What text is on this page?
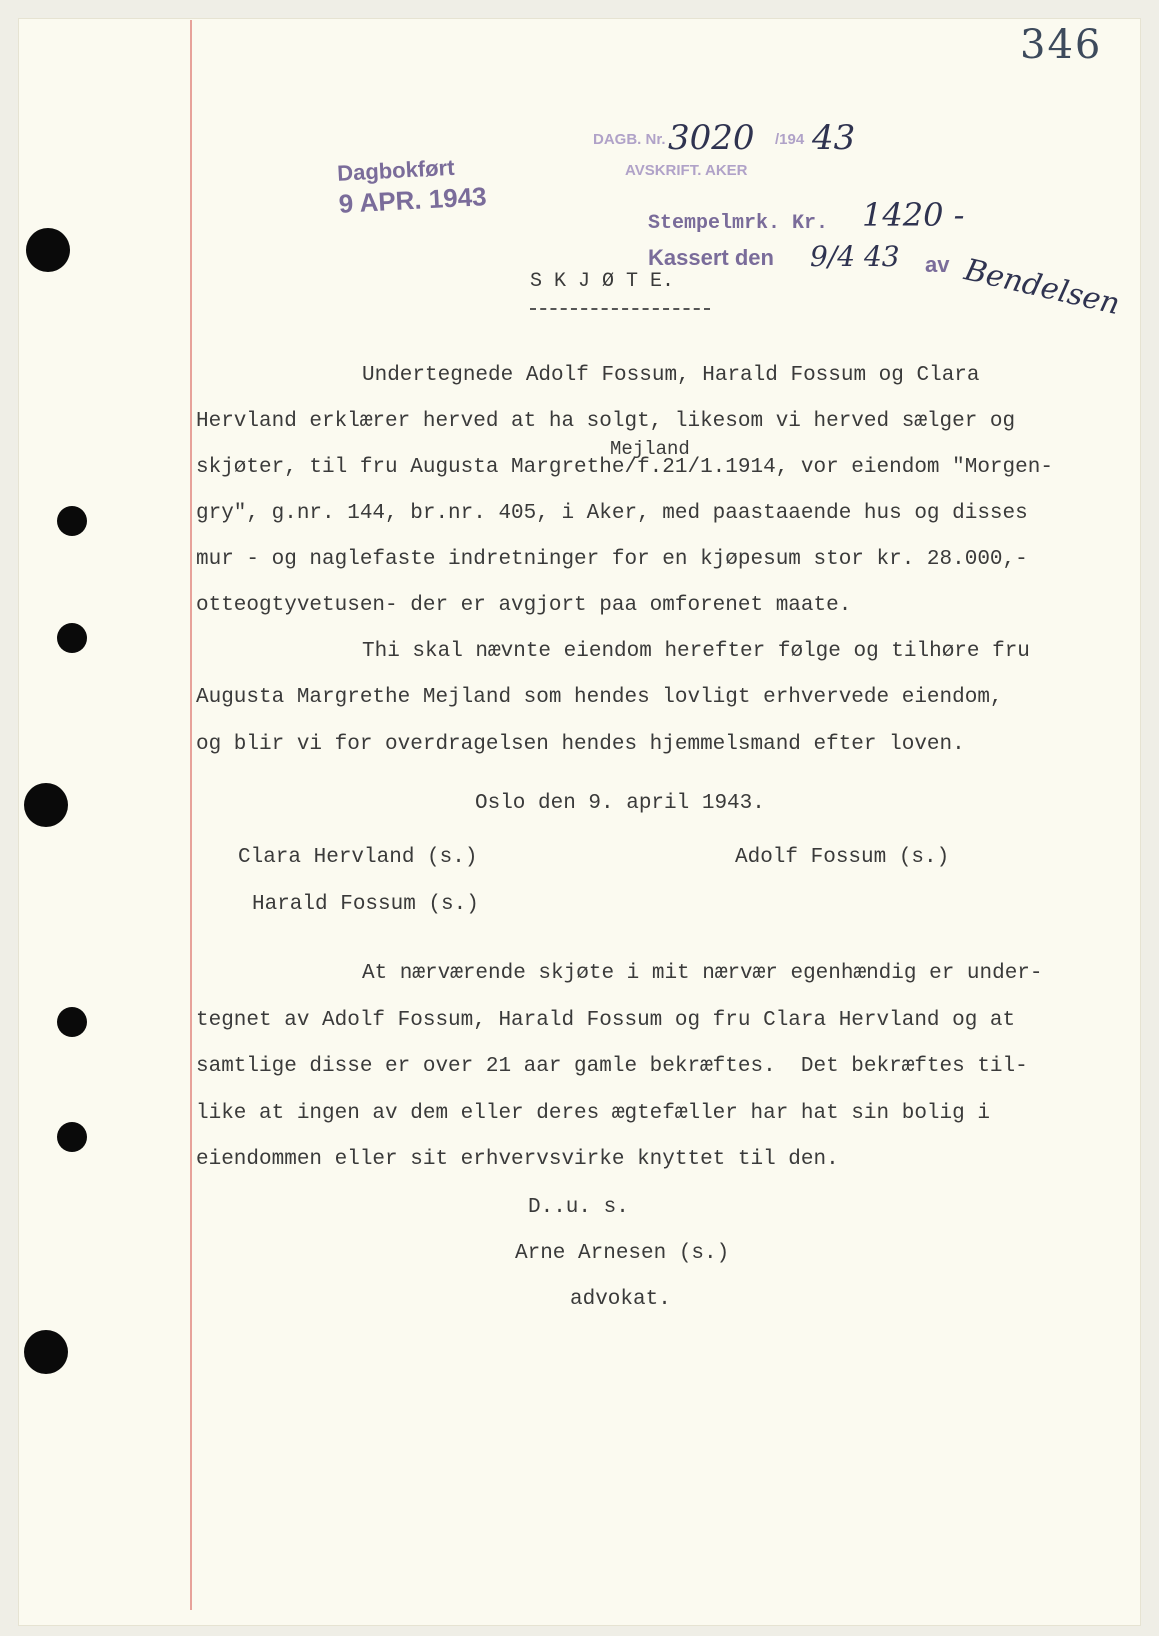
346
Dagbokført
9 APR. 1943
DAGB. Nr. 3020 /194 43
AVSKRIFT. AKER
Stempelmrk. Kr. 1420 -
Kassert den 9/4 43 av Bendelsen
S K J Ø T E.
Undertegnede Adolf Fossum, Harald Fossum og Clara
Hervland erklærer herved at ha solgt, likesom vi herved sælger og
Mejland
skjøter, til fru Augusta Margrethe/f.21/1.1914, vor eiendom "Morgen-
gry", g.nr. 144, br.nr. 405, i Aker, med paastaaende hus og disses
mur - og naglefaste indretninger for en kjøpesum stor kr. 28.000,-
otteogtyvetusen- der er avgjort paa omforenet maate.
Thi skal nævnte eiendom herefter følge og tilhøre fru
Augusta Margrethe Mejland som hendes lovligt erhvervede eiendom,
og blir vi for overdragelsen hendes hjemmelsmand efter loven.
Oslo den 9. april 1943.
Clara Hervland (s.)	Adolf Fossum (s.)
Harald Fossum (s.)
At nærværende skjøte i mit nærvær egenhændig er under-
tegnet av Adolf Fossum, Harald Fossum og fru Clara Hervland og at
samtlige disse er over 21 aar gamle bekræftes.  Det bekræftes til-
like at ingen av dem eller deres ægtefæller har hat sin bolig i
eiendommen eller sit erhvervsvirke knyttet til den.
D..u. s.
Arne Arnesen (s.)
advokat.
